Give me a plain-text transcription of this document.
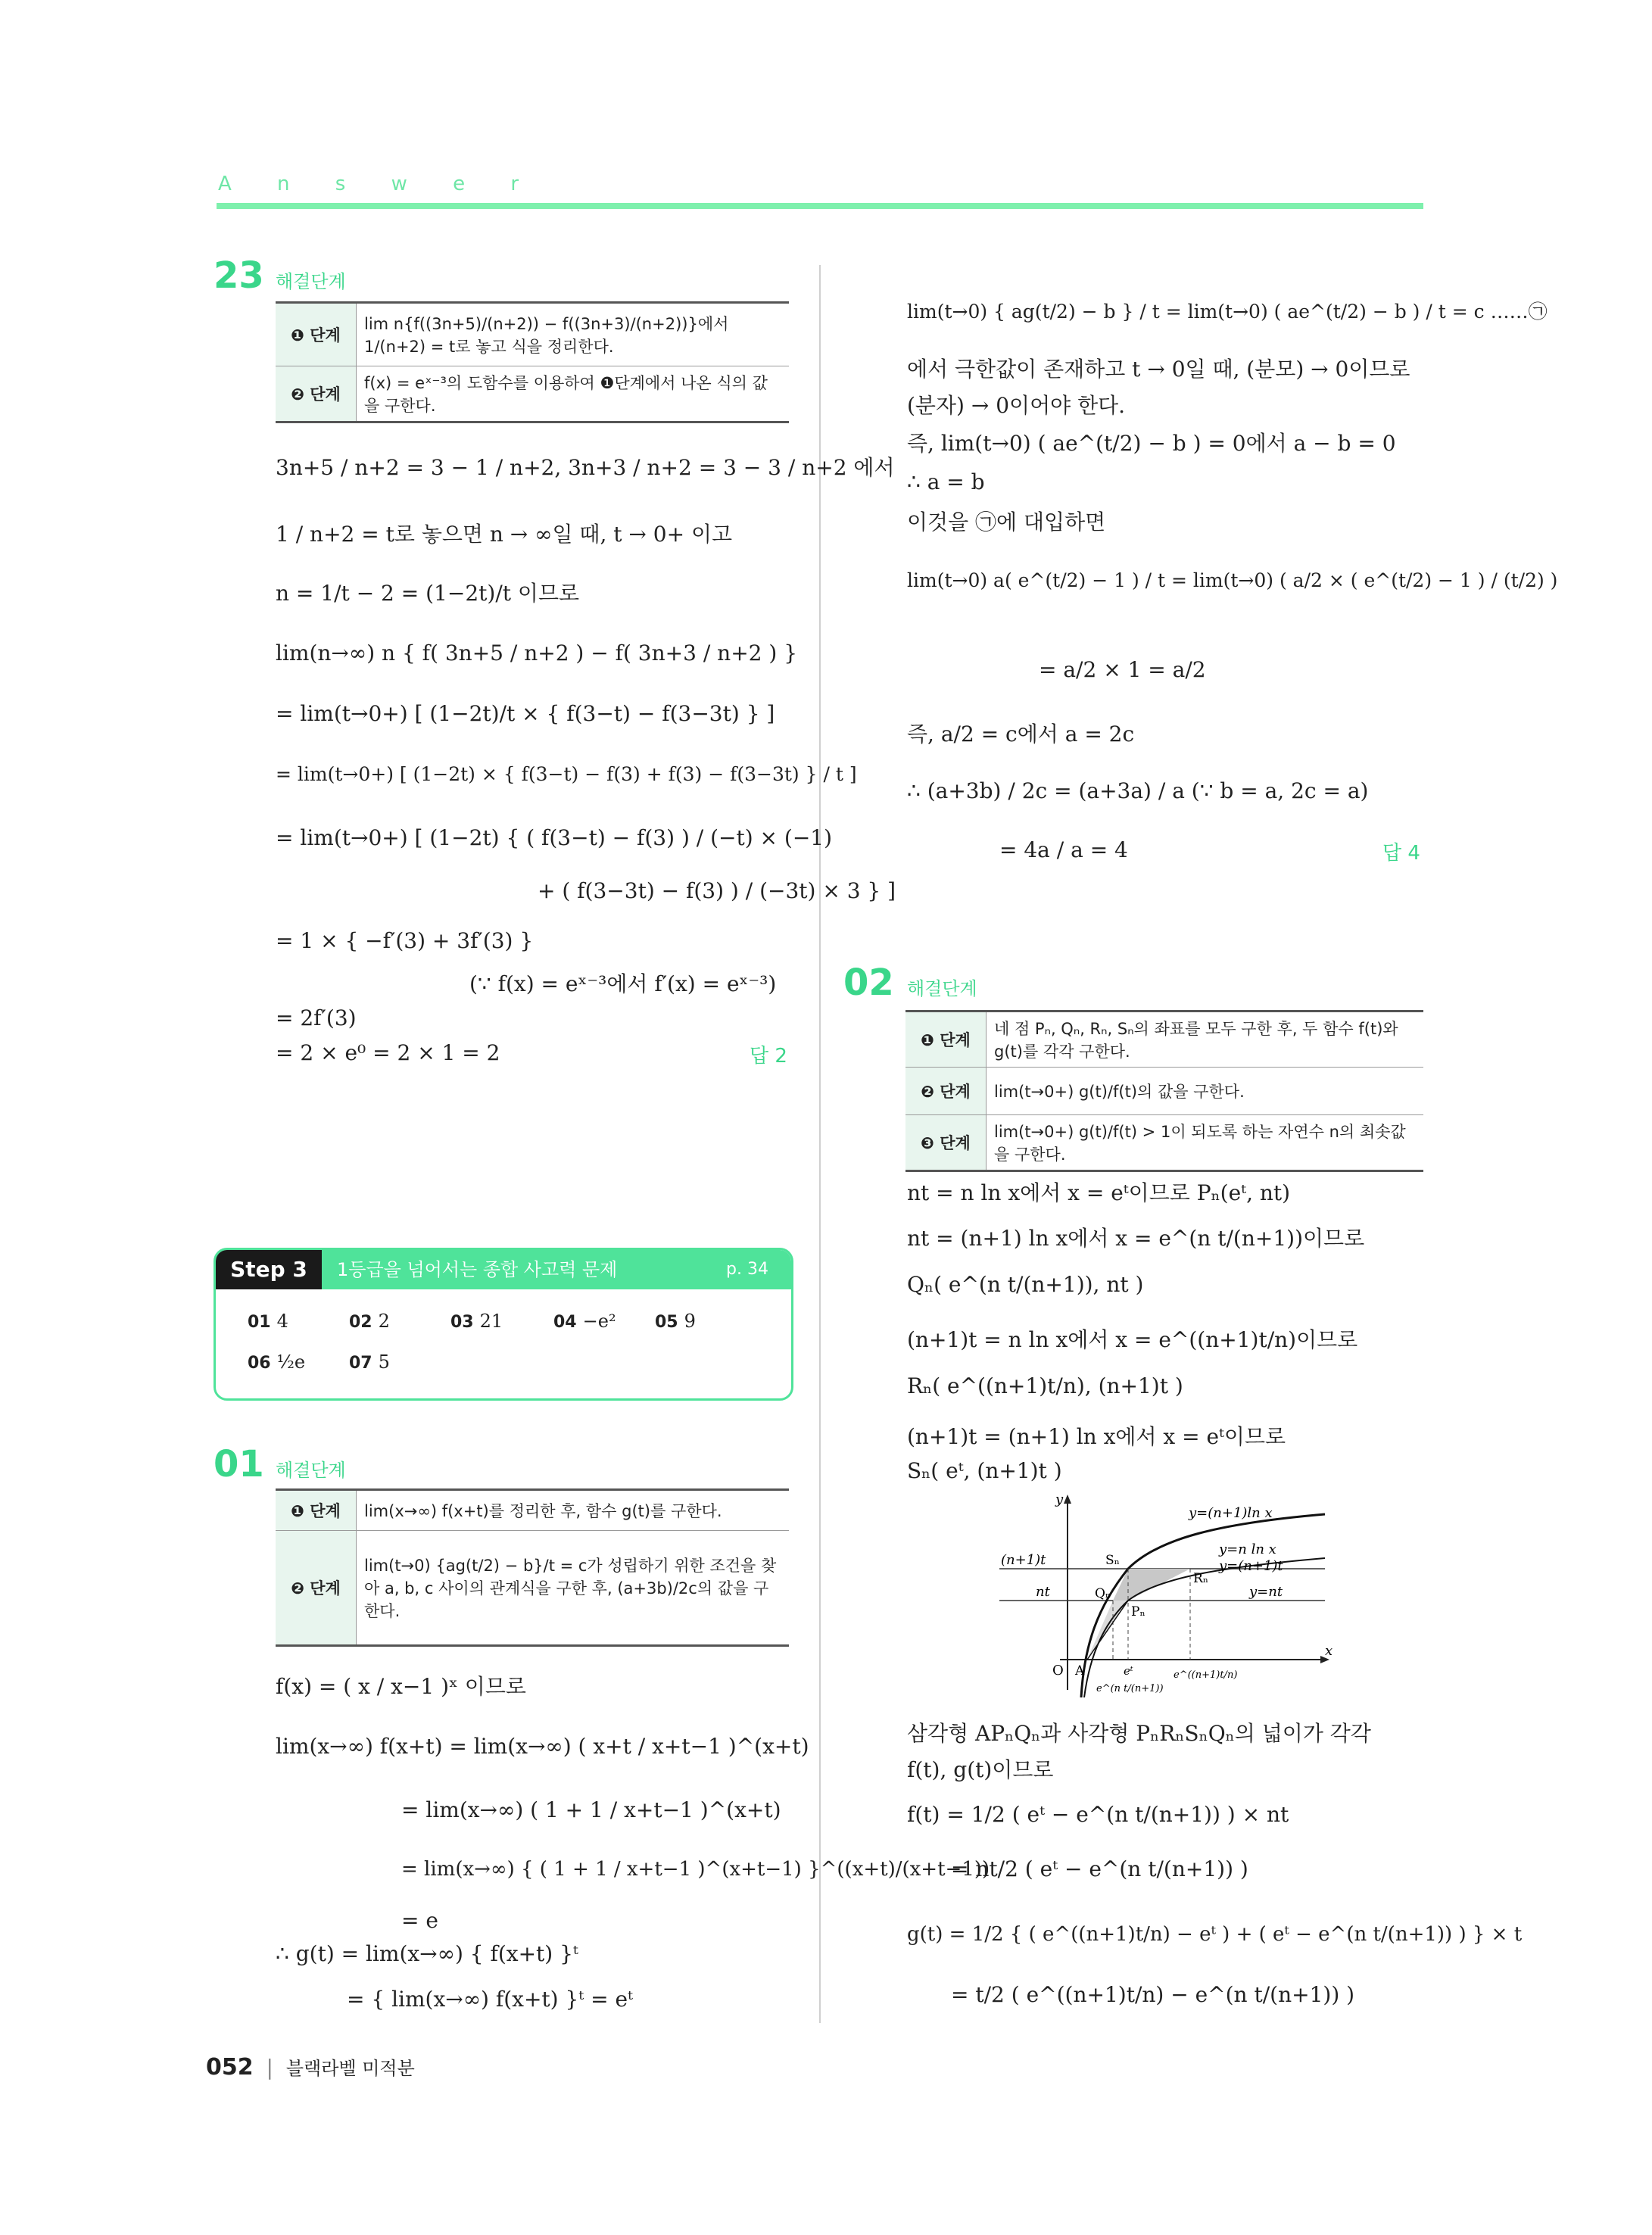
A n s w e r
23 해결단계
❶ 단계	lim n{f((3n+5)/(n+2)) − f((3n+3)/(n+2))}에서 1/(n+2) = t로 놓고 식을 정리한다.
❷ 단계	f(x) = eˣ⁻³의 도함수를 이용하여 ❶단계에서 나온 식의 값을 구한다.
3n+5 / n+2 = 3 − 1 / n+2, 3n+3 / n+2 = 3 − 3 / n+2 에서
1 / n+2 = t로 놓으면 n → ∞일 때, t → 0+ 이고
n = 1/t − 2 = (1−2t)/t 이므로
lim(n→∞) n { f( 3n+5 / n+2 ) − f( 3n+3 / n+2 ) }
= lim(t→0+) [ (1−2t)/t × { f(3−t) − f(3−3t) } ]
= lim(t→0+) [ (1−2t) × { f(3−t) − f(3) + f(3) − f(3−3t) } / t ]
= lim(t→0+) [ (1−2t) { ( f(3−t) − f(3) ) / (−t) × (−1)
+ ( f(3−3t) − f(3) ) / (−3t) × 3 } ]
= 1 × { −f′(3) + 3f′(3) }
(∵ f(x) = eˣ⁻³에서 f′(x) = eˣ⁻³)
= 2f′(3)
= 2 × e⁰ = 2 × 1 = 2	답 2
Step 3	1등급을 넘어서는 종합 사고력 문제	p. 34
01 4	02 2	03 21	04 −e² 05 9
06 ½e	07 5
01 해결단계
❶ 단계	lim(x→∞) f(x+t)를 정리한 후, 함수 g(t)를 구한다.
❷ 단계	lim(t→0) {ag(t/2) − b}/t = c가 성립하기 위한 조건을 찾아 a, b, c 사이의 관계식을 구한 후, (a+3b)/2c의 값을 구한다.
f(x) = ( x / x−1 )ˣ 이므로
lim(x→∞) f(x+t) = lim(x→∞) ( x+t / x+t−1 )^(x+t)
= lim(x→∞) ( 1 + 1 / x+t−1 )^(x+t)
= lim(x→∞) { ( 1 + 1 / x+t−1 )^(x+t−1) }^((x+t)/(x+t−1))
= e
∴ g(t) = lim(x→∞) { f(x+t) }ᵗ
= { lim(x→∞) f(x+t) }ᵗ = eᵗ
lim(t→0) { ag(t/2) − b } / t = lim(t→0) ( ae^(t/2) − b ) / t = c ……㉠
에서 극한값이 존재하고 t → 0일 때, (분모) → 0이므로
(분자) → 0이어야 한다.
즉, lim(t→0) ( ae^(t/2) − b ) = 0에서 a − b = 0
∴ a = b
이것을 ㉠에 대입하면
lim(t→0) a( e^(t/2) − 1 ) / t = lim(t→0) ( a/2 × ( e^(t/2) − 1 ) / (t/2) )
= a/2 × 1 = a/2
즉, a/2 = c에서 a = 2c
∴ (a+3b) / 2c = (a+3a) / a (∵ b = a, 2c = a)
= 4a / a = 4	답 4
02 해결단계
❶ 단계	네 점 Pₙ, Qₙ, Rₙ, Sₙ의 좌표를 모두 구한 후, 두 함수 f(t)와 g(t)를 각각 구한다.
❷ 단계	lim(t→0+) g(t)/f(t)의 값을 구한다.
❸ 단계	lim(t→0+) g(t)/f(t) > 1이 되도록 하는 자연수 n의 최솟값을 구한다.
nt = n ln x에서 x = eᵗ이므로 Pₙ(eᵗ, nt)
nt = (n+1) ln x에서 x = e^(n t/(n+1))이므로
Qₙ( e^(n t/(n+1)), nt )
(n+1)t = n ln x에서 x = e^((n+1)t/n)이므로
Rₙ( e^((n+1)t/n), (n+1)t )
(n+1)t = (n+1) ln x에서 x = eᵗ이므로
Sₙ( eᵗ, (n+1)t )
y
x
O
y=(n+1)ln x
y=n ln x
y=(n+1)t
y=nt
(n+1)t
nt
Sₙ
Qₙ
Rₙ
Pₙ
A	eᵗ
e^(n t/(n+1))
e^((n+1)t/n)
삼각형 APₙQₙ과 사각형 PₙRₙSₙQₙ의 넓이가 각각
f(t), g(t)이므로
f(t) = 1/2 ( eᵗ − e^(n t/(n+1)) ) × nt
= nt/2 ( eᵗ − e^(n t/(n+1)) )
g(t) = 1/2 { ( e^((n+1)t/n) − eᵗ ) + ( eᵗ − e^(n t/(n+1)) ) } × t
= t/2 ( e^((n+1)t/n) − e^(n t/(n+1)) )
052 | 블랙라벨 미적분
